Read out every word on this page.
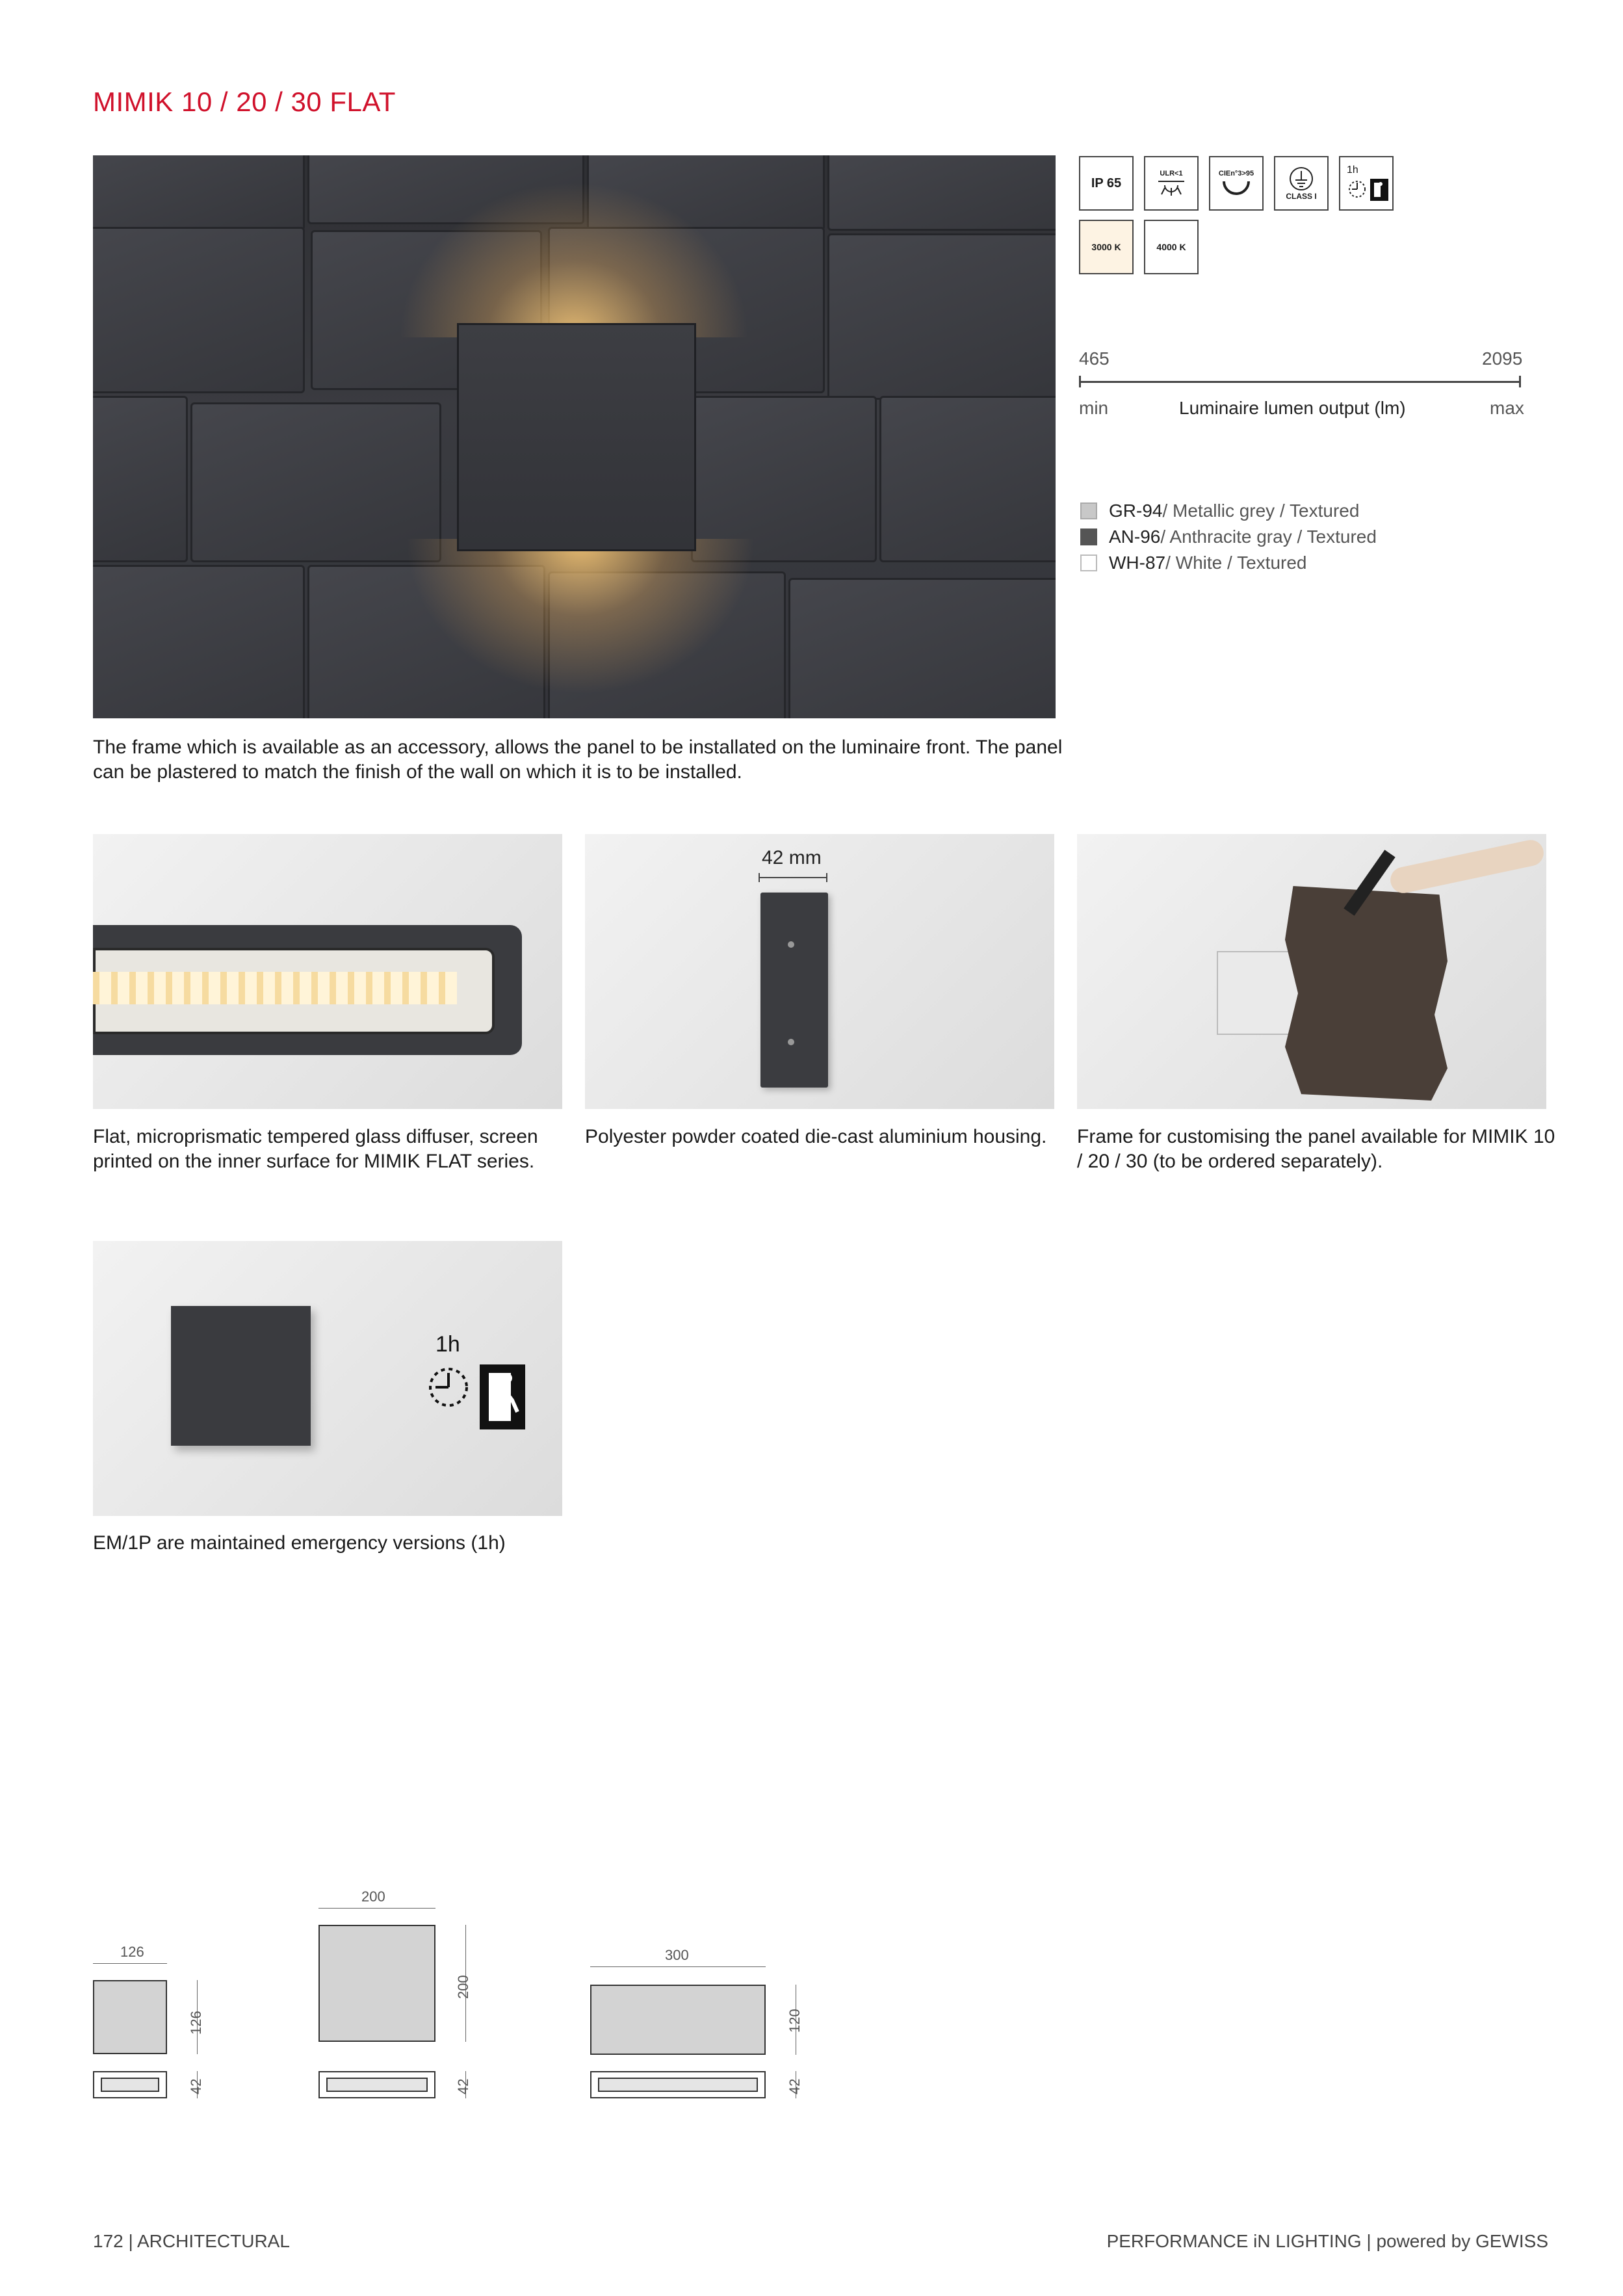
MIMIK 10 / 20 / 30 FLAT
The frame which is available as an accessory, allows the panel to be installated on the luminaire front. The panel can be plastered to match the finish of the wall on which it is to be installed.
IP 65
ULR<1	CIEn°3>95
CLASS I
1h
3000 K	4000 K
465	2095
min	Luminaire lumen output (lm)	max
GR-94 / Metallic grey / Textured
AN-96 / Anthracite gray / Textured
WH-87 / White / Textured
Flat, microprismatic tempered glass diffuser, screen printed on the inner surface for MIMIK FLAT series.
42 mm
Polyester powder coated die-cast aluminium housing.	Frame for customising the panel available for MIMIK 10 / 20 / 30 (to be ordered separately).
1h
EM/1P are maintained emergency versions (1h)
126
126
42
200
200
42
300
120
42
172 | ARCHITECTURAL	PERFORMANCE iN LIGHTING | powered by GEWISS
